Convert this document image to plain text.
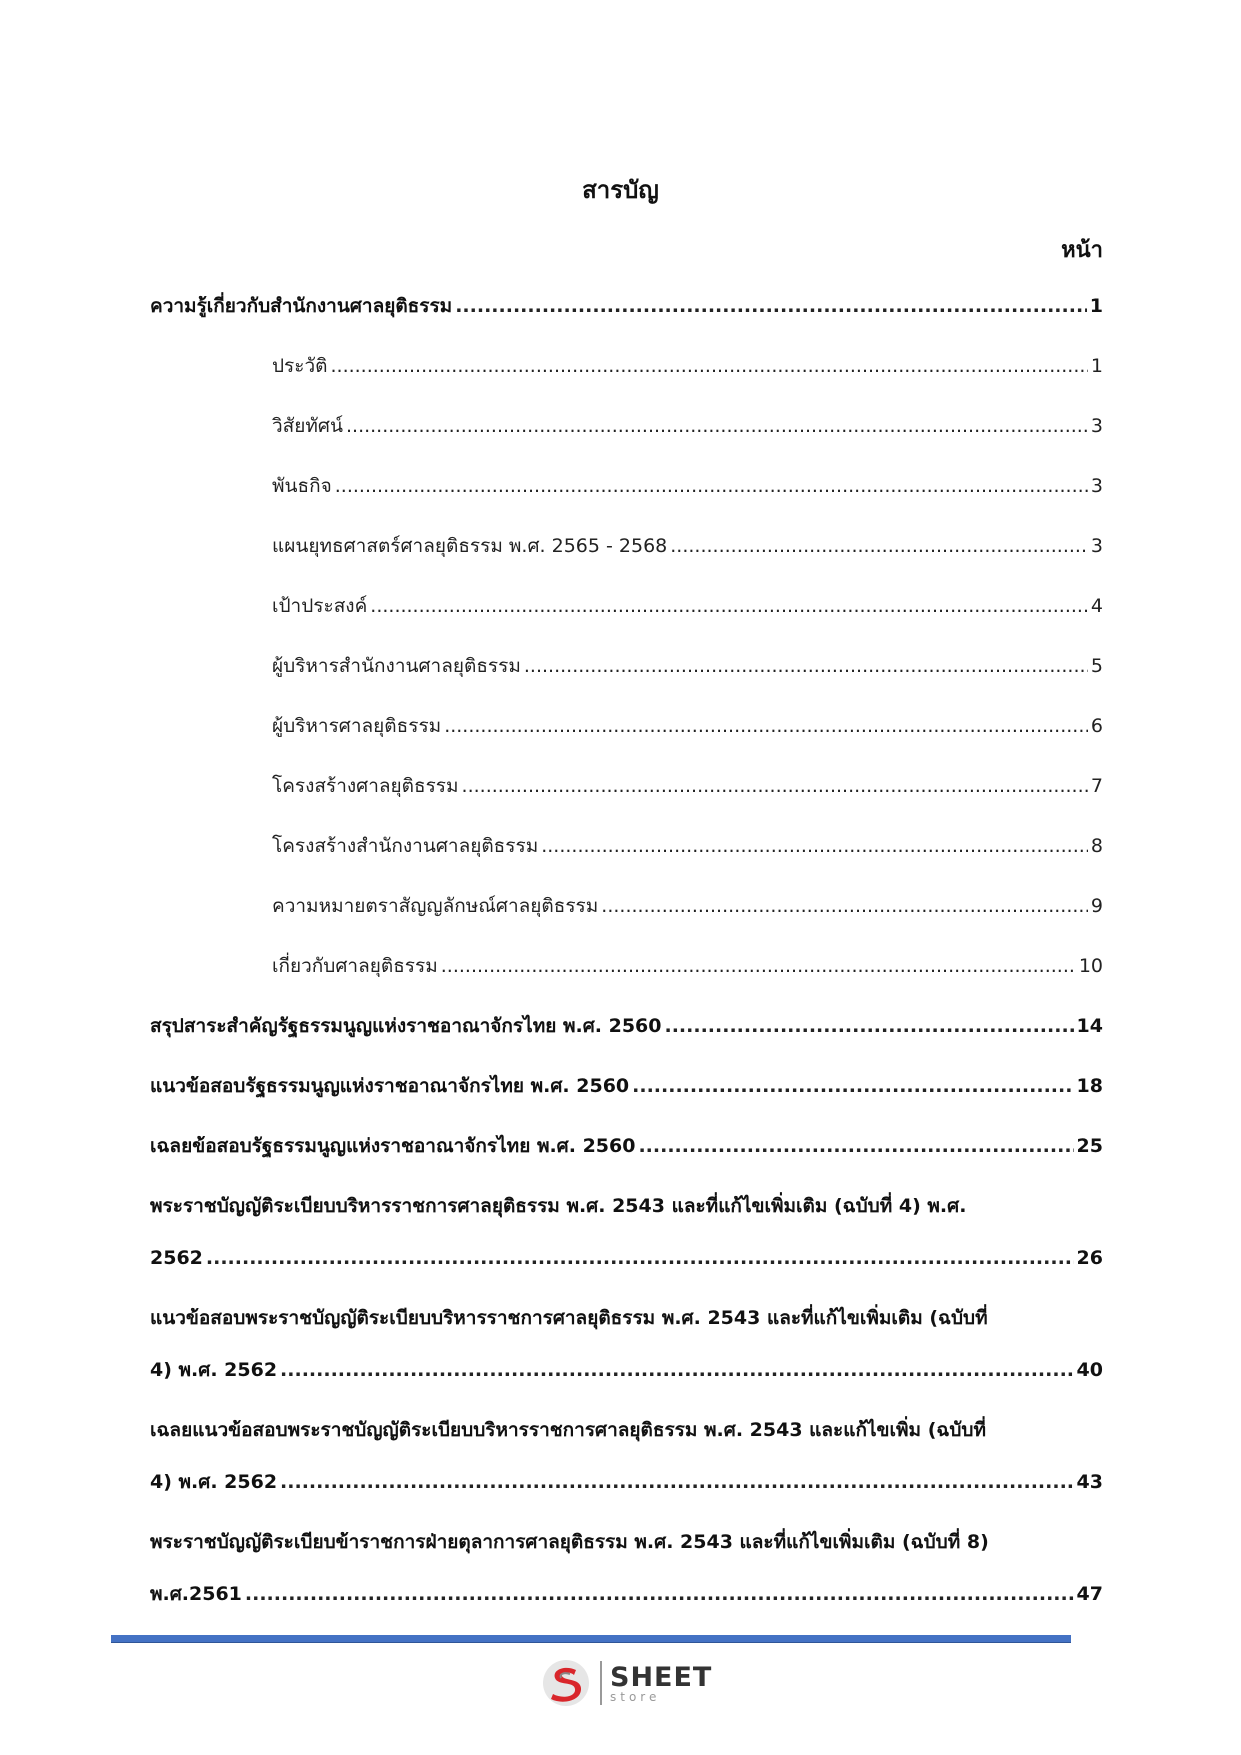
สารบัญ
หน้า
ความรู้เกี่ยวกับสำนักงานศาลยุติธรรม .....	1
ประวัติ .....	1
วิสัยทัศน์ .....	3
พันธกิจ .....	3
แผนยุทธศาสตร์ศาลยุติธรรม พ.ศ. 2565 - 2568 .....	3
เป้าประสงค์ .....	4
ผู้บริหารสำนักงานศาลยุติธรรม .....	5
ผู้บริหารศาลยุติธรรม .....	6
โครงสร้างศาลยุติธรรม .....	7
โครงสร้างสำนักงานศาลยุติธรรม .....	8
ความหมายตราสัญญลักษณ์ศาลยุติธรรม .....	9
เกี่ยวกับศาลยุติธรรม .....	10
สรุปสาระสำคัญรัฐธรรมนูญแห่งราชอาณาจักรไทย พ.ศ. 2560 .....	14
แนวข้อสอบรัฐธรรมนูญแห่งราชอาณาจักรไทย พ.ศ. 2560 .....	18
เฉลยข้อสอบรัฐธรรมนูญแห่งราชอาณาจักรไทย พ.ศ. 2560 .....	25
พระราชบัญญัติระเบียบบริหารราชการศาลยุติธรรม พ.ศ. 2543 และที่แก้ไขเพิ่มเติม (ฉบับที่ 4) พ.ศ.
2562 .....	26
แนวข้อสอบพระราชบัญญัติระเบียบบริหารราชการศาลยุติธรรม พ.ศ. 2543 และที่แก้ไขเพิ่มเติม (ฉบับที่
4) พ.ศ. 2562 .....	40
เฉลยแนวข้อสอบพระราชบัญญัติระเบียบบริหารราชการศาลยุติธรรม พ.ศ. 2543 และแก้ไขเพิ่ม (ฉบับที่
4) พ.ศ. 2562 .....	43
พระราชบัญญัติระเบียบข้าราชการฝ่ายตุลาการศาลยุติธรรม พ.ศ. 2543 และที่แก้ไขเพิ่มเติม (ฉบับที่ 8)
พ.ศ.2561 .....	47
SHEET
store
